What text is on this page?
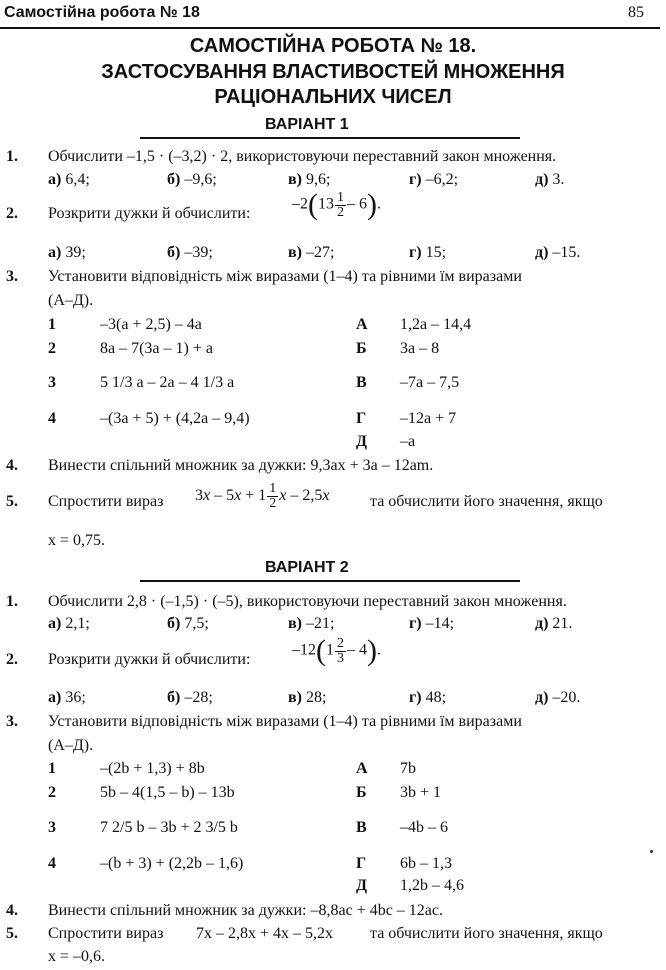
Самостійна робота № 18	85
САМОСТІЙНА РОБОТА № 18.
ЗАСТОСУВАННЯ ВЛАСТИВОСТЕЙ МНОЖЕННЯ
РАЦІОНАЛЬНИХ ЧИСЕЛ
ВАРІАНТ 1
1. Обчислити –1,5 · (–3,2) · 2, використовуючи переставний закон множення.
а) 6,4;	б) –9,6;	в) 9,6;	г) –6,2;	д) 3.
2. Розкрити дужки й обчислити:
$-2(13 \frac{1}{2} - 6)$.
а) 39;	б) –39;	в) –27;	г) 15;	д) –15.
3. Установити відповідність між виразами (1–4) та рівними їм виразами
(А–Д).
1	–3(a + 2,5) – 4a	А 1,2a – 14,4
2	8a – 7(3a – 1) + a	Б 3a – 8
3	5 1/3 a – 2a – 4 1/3 a	В –7a – 7,5
4	–(3a + 5) + (4,2a – 9,4)	Г –12a + 7
Д –a
4. Винести спільний множник за дужки: 9,3ax + 3a – 12am.
5. Спростити вираз $3x - 5x + 1 \frac{1}{2}$ x – 2,5x	та обчислити його значення, якщо
x = 0,75.
ВАРІАНТ 2
1. Обчислити 2,8 · (–1,5) · (–5), використовуючи переставний закон множення.
а) 2,1;	б) 7,5;	в) –21;	г) –14;	д) 21.
2. Розкрити дужки й обчислити:
$-12(1 \frac{2}{3} - 4)$.
а) 36;	б) –28;	в) 28;	г) 48;	д) –20.
3. Установити відповідність між виразами (1–4) та рівними їм виразами
(А–Д).
1	–(2b + 1,3) + 8b	А 7b
2	5b – 4(1,5 – b) – 13b	Б 3b + 1
3	7 2/5 b – 3b + 2 3/5 b	В –4b – 6
4	–(b + 3) + (2,2b – 1,6)	Г 6b – 1,3
Д 1,2b – 4,6
4. Винести спільний множник за дужки: –8,8ac + 4bc – 12ac.
5. Спростити вираз 7x – 2,8x + 4x – 5,2x та обчислити його значення, якщо
x = –0,6.
